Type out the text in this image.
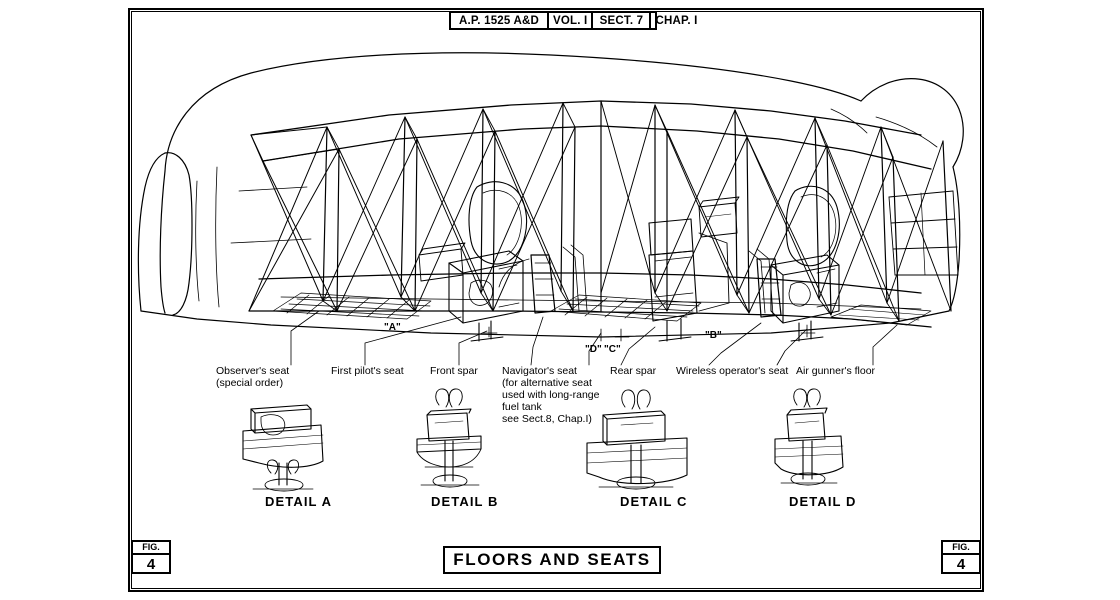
A.P. 1525 A&D	VOL. I	SECT. 7	CHAP. I
Observer's seat
(special order)
First pilot's seat	Front spar Navigator's seat
(for alternative seat
used with long-range
fuel tank
see Sect.8, Chap.I)
Rear spar Wireless operator's seat Air gunner's floor
"A"
"D" "C"
"B"
DETAIL A	DETAIL B	DETAIL C	DETAIL D
FLOORS AND SEATS
FIG.
4
FIG.
4
